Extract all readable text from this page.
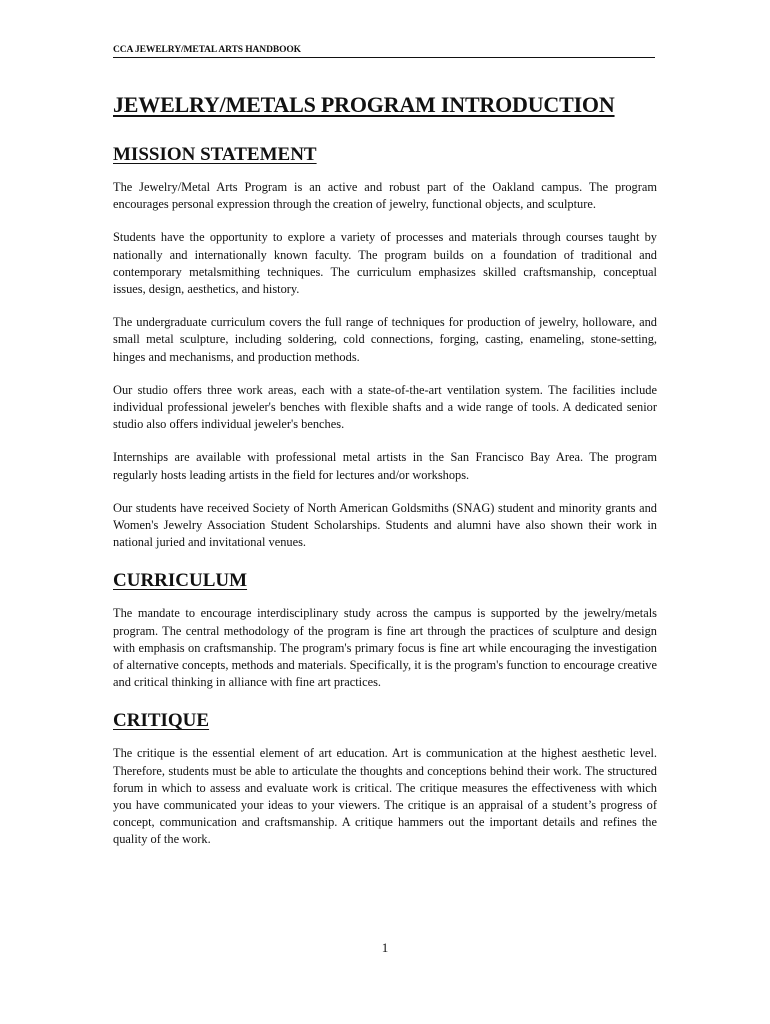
CCA JEWELRY/METAL ARTS HANDBOOK
JEWELRY/METALS PROGRAM INTRODUCTION
MISSION STATEMENT

The Jewelry/Metal Arts Program is an active and robust part of the Oakland campus. The program encourages personal expression through the creation of jewelry, functional objects, and sculpture.

Students have the opportunity to explore a variety of processes and materials through courses taught by nationally and internationally known faculty. The program builds on a foundation of traditional and contemporary metalsmithing techniques. The curriculum emphasizes skilled craftsmanship, conceptual issues, design, aesthetics, and history.

The undergraduate curriculum covers the full range of techniques for production of jewelry, holloware, and small metal sculpture, including soldering, cold connections, forging, casting, enameling, stone-setting, hinges and mechanisms, and production methods.

Our studio offers three work areas, each with a state-of-the-art ventilation system. The facilities include individual professional jeweler's benches with flexible shafts and a wide range of tools. A dedicated senior studio also offers individual jeweler's benches.

Internships are available with professional metal artists in the San Francisco Bay Area. The program regularly hosts leading artists in the field for lectures and/or workshops.

Our students have received Society of North American Goldsmiths (SNAG) student and minority grants and Women's Jewelry Association Student Scholarships. Students and alumni have also shown their work in national juried and invitational venues.

CURRICULUM

The mandate to encourage interdisciplinary study across the campus is supported by the jewelry/metals program. The central methodology of the program is fine art through the practices of sculpture and design with emphasis on craftsmanship. The program's primary focus is fine art while encouraging the investigation of alternative concepts, methods and materials. Specifically, it is the program's function to encourage creative and critical thinking in alliance with fine art practices.

CRITIQUE

The critique is the essential element of art education. Art is communication at the highest aesthetic level. Therefore, students must be able to articulate the thoughts and conceptions behind their work. The structured forum in which to assess and evaluate work is critical. The critique measures the effectiveness with which you have communicated your ideas to your viewers. The critique is an appraisal of a student’s progress of concept, communication and craftsmanship. A critique hammers out the important details and refines the quality of the work.

1
